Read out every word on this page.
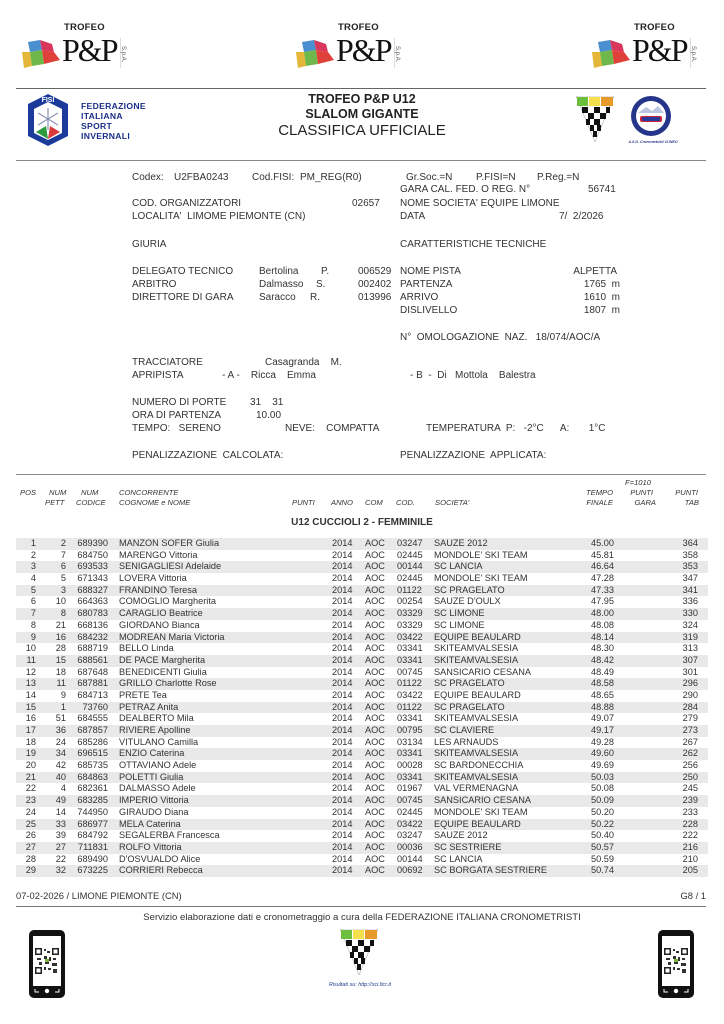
TROFEO
P&P S.p.A.
TROFEO
P&P S.p.A.
TROFEO
P&P S.p.A.
FISI
FEDERAZIONE
ITALIANA
SPORT
INVERNALI
TROFEO P&P U12
SLALOM GIGANTE
CLASSIFICA UFFICIALE
A.S.D. Cronometristi CUNEO
Codex: U2FBA0243 Cod.FISI: PM_REG(R0)	Gr.Soc.=N P.FISI=N P.Reg.=N
GARA CAL. FED. O REG. N°	56741
COD. ORGANIZZATORI	02657 NOME SOCIETA' EQUIPE LIMONE
LOCALITA'  LIMOME PIEMONTE (CN)	DATA	7/  2/2026
GIURIA	CARATTERISTICHE TECNICHE
DELEGATO TECNICO	Bertolina P.	006529
ARBITRO	Dalmasso S.	002402
DIRETTORE DI GARA	Saracco R.	013996
NOME PISTA	ALPETTA
PARTENZA	1765  m
ARRIVO	1610  m
DISLIVELLO	1807  m
N°  OMOLOGAZIONE  NAZ.   18/074/AOC/A
TRACCIATORE	Casagranda    M.
APRIPISTA	- A -    Ricca    Emma	- B  -  Di   Mottola    Balestra
NUMERO DI PORTE 31    31
ORA DI PARTENZA	10.00
TEMPO:   SERENO	NEVE:    COMPATTA	TEMPERATURA  P:   -2°C      A:       1°C
PENALIZZAZIONE  CALCOLATA:	PENALIZZAZIONE  APPLICATA:
POS NUM
PETT
NUM
CODICE
CONCORRENTE
COGNOME e NOME	PUNTI ANNO COM COD.	SOCIETA'
TEMPO
FINALE
F=1010
PUNTI
GARA
PUNTI
TAB
U12 CUCCIOLI 2 - FEMMINILE
1	2	689390 MANZON SOFER Giulia	2014	AOC	03247	SAUZE 2012	45.00	364
2	7	684750 MARENGO Vittoria	2014	AOC	02445	MONDOLE' SKI TEAM	45.81	358
3	6	693533 SENIGAGLIESI Adelaide	2014	AOC	00144	SC LANCIA	46.64	353
4	5	671343 LOVERA Vittoria	2014	AOC	02445	MONDOLE' SKI TEAM	47.28	347
5	3	688327 FRANDINO Teresa	2014	AOC	01122	SC PRAGELATO	47.33	341
6	10	664363 COMOGLIO Margherita	2014	AOC	00254	SAUZE D'OULX	47.95	336
7	8	680783 CARAGLIO Beatrice	2014	AOC	03329	SC LIMONE	48.00	330
8	21	668136 GIORDANO Bianca	2014	AOC	03329	SC LIMONE	48.08	324
9	16	684232 MODREAN Maria Victoria	2014	AOC	03422	EQUIPE BEAULARD	48.14	319
10	28	688719 BELLO Linda	2014	AOC	03341	SKITEAMVALSESIA	48.30	313
11	15	688561 DE PACE Margherita	2014	AOC	03341	SKITEAMVALSESIA	48.42	307
12	18	687648 BENEDICENTI Giulia	2014	AOC	00745	SANSICARIO CESANA	48.49	301
13	11	687881 GRILLO Charlotte Rose	2014	AOC	01122	SC PRAGELATO	48.58	296
14	9	684713 PRETE Tea	2014	AOC	03422	EQUIPE BEAULARD	48.65	290
15	1	73760 PETRAZ Anita	2014	AOC	01122	SC PRAGELATO	48.88	284
16	51	684555 DEALBERTO Mila	2014	AOC	03341	SKITEAMVALSESIA	49.07	279
17	36	687857 RIVIERE Apolline	2014	AOC	00795	SC CLAVIERE	49.17	273
18	24	685286 VITULANO Camilla	2014	AOC	03134	LES ARNAUDS	49.28	267
19	34	696515 ENZIO Caterina	2014	AOC	03341	SKITEAMVALSESIA	49.60	262
20	42	685735 OTTAVIANO Adele	2014	AOC	00028	SC BARDONECCHIA	49.69	256
21	40	684863 POLETTI Giulia	2014	AOC	03341	SKITEAMVALSESIA	50.03	250
22	4	682361 DALMASSO Adele	2014	AOC	01967	VAL VERMENAGNA	50.08	245
23	49	683285 IMPERIO Vittoria	2014	AOC	00745	SANSICARIO CESANA	50.09	239
24	14	744950 GIRAUDO Diana	2014	AOC	02445	MONDOLE' SKI TEAM	50.20	233
25	33	686977 MELA Caterina	2014	AOC	03422	EQUIPE BEAULARD	50.22	228
26	39	684792 SEGALERBA Francesca	2014	AOC	03247	SAUZE 2012	50.40	222
27	27	711831 ROLFO Vittoria	2014	AOC	00036	SC SESTRIERE	50.57	216
28	22	689490 D'OSVUALDO Alice	2014	AOC	00144	SC LANCIA	50.59	210
29	32	673225 CORRIERI Rebecca	2014	AOC	00692	SC BORGATA SESTRIERE	50.74	205
07-02-2026 / LIMONE PIEMONTE (CN)	G8 / 1
Servizio elaborazione dati e cronometraggio a cura della FEDERAZIONE ITALIANA CRONOMETRISTI
Risultati su: http://sci.ficr.it
